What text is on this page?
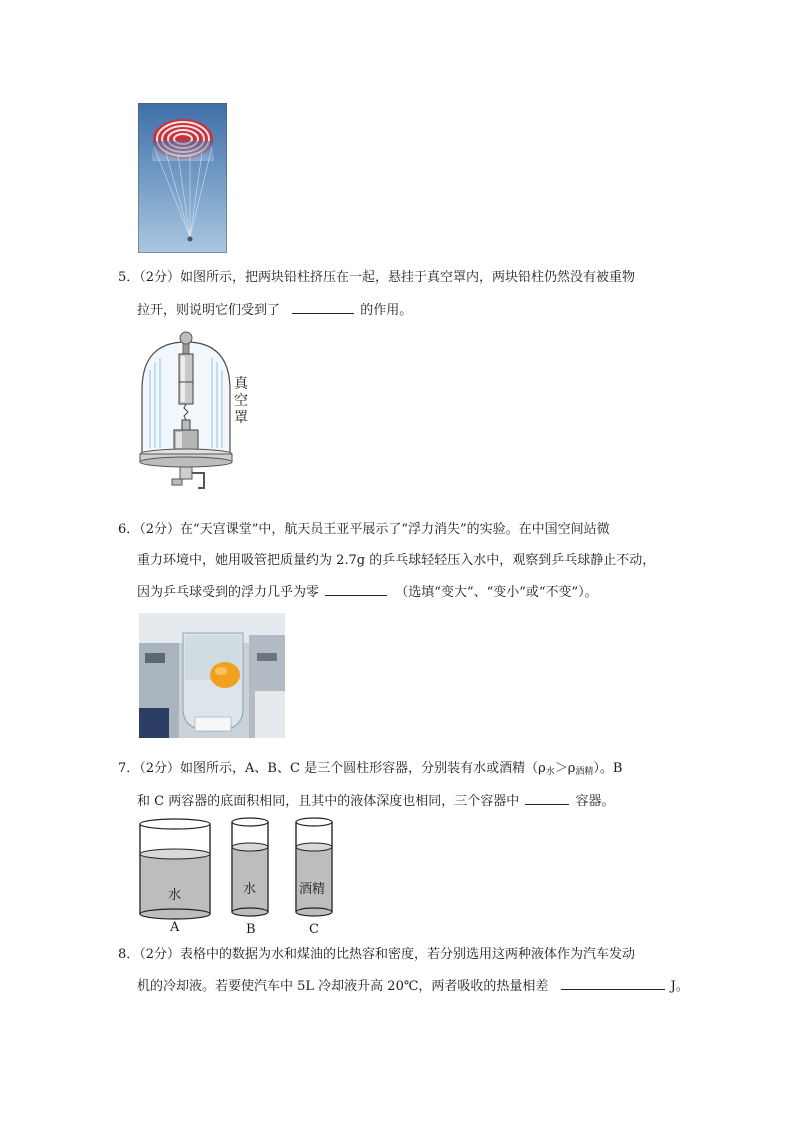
5．（2分）如图所示，把两块铅柱挤压在一起，悬挂于真空罩内，两块铅柱仍然没有被重物
拉开，则说明它们受到了	的作用。
真空罩
6．（2分）在“天宫课堂”中，航天员王亚平展示了“浮力消失”的实验。在中国空间站微
重力环境中，她用吸管把质量约为 2.7g 的乒乓球轻轻压入水中，观察到乒乓球静止不动，
因为乒乓球受到的浮力几乎为零	（选填“变大”、“变小”或“不变”）。
7．（2分）如图所示，A、B、C 是三个圆柱形容器，分别装有水或酒精$(\rho_水>\rho_{酒精})$。B
和 C 两容器的底面积相同，且其中的液体深度也相同，三个容器中	容器。
水	水	酒精
A	B	C
8．（2分）表格中的数据为水和煤油的比热容和密度，若分别选用这两种液体作为汽车发动
机的冷却液。若要使汽车中 5L 冷却液升高 20℃，两者吸收的热量相差	J。
